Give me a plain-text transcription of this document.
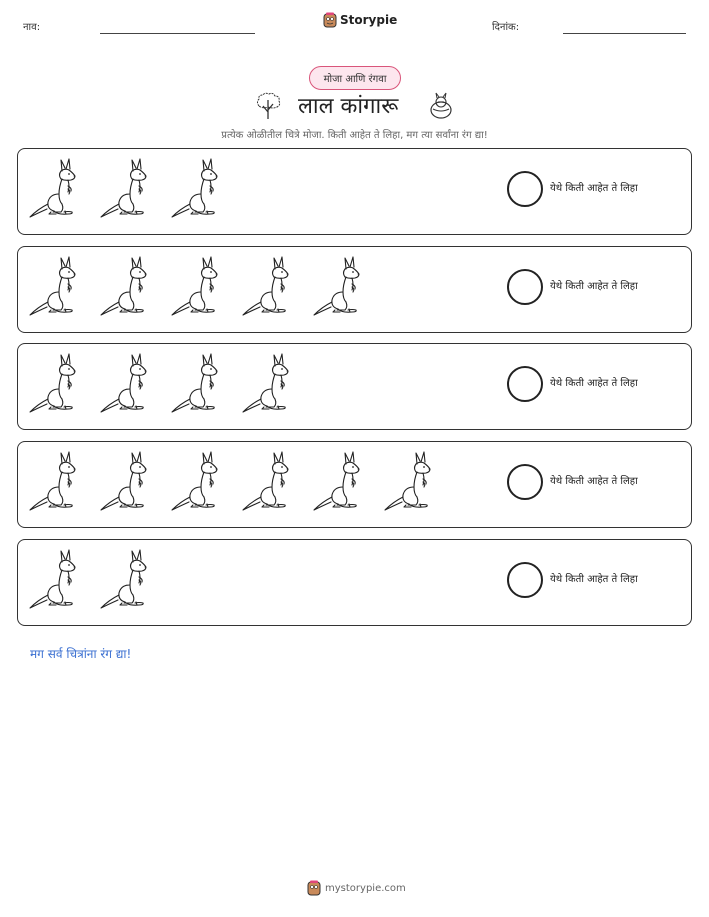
नाव:
Storypie
दिनांक:
मोजा आणि रंगवा
लाल कांगारू
प्रत्येक ओळीतील चित्रे मोजा. किती आहेत ते लिहा, मग त्या सर्वांना रंग द्या!
येथे किती आहेत ते लिहा
येथे किती आहेत ते लिहा
येथे किती आहेत ते लिहा
येथे किती आहेत ते लिहा
येथे किती आहेत ते लिहा
मग सर्व चित्रांना रंग द्या!
mystorypie.com
